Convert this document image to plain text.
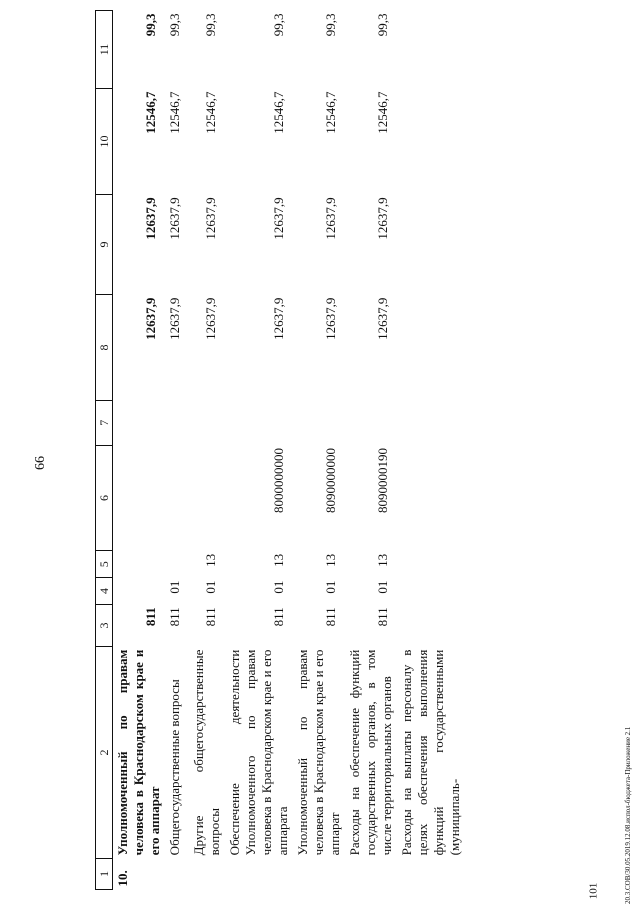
66
1	2	3	4	5	6	7	8	9	10	11
10.	Уполномоченный по правам человека в Краснодарском крае и его аппарат	811					12637,9	12637,9	12546,7	99,3
	Общегосударственные вопросы	811	01				12637,9	12637,9	12546,7	99,3
	Другие общегосударственные вопросы	811	01	13			12637,9	12637,9	12546,7	99,3
	Обеспечение деятельности Уполномоченного по правам человека в Краснодарском крае и его аппарата	811	01	13	8000000000		12637,9	12637,9	12546,7	99,3
	Уполномоченный по правам человека в Краснодарском крае и его аппарат	811	01	13	8090000000		12637,9	12637,9	12546,7	99,3
	Расходы на обеспечение функций государственных органов, в том числе территориальных органов	811	01	13	8090000190		12637,9	12637,9	12546,7	99,3
	Расходы на выплаты персоналу в целях обеспечения выполнения функций государственными (муниципаль-										20.3.СОВ/30.05.2019.12.08.испол-бюджета-Приложение 2.1
101
